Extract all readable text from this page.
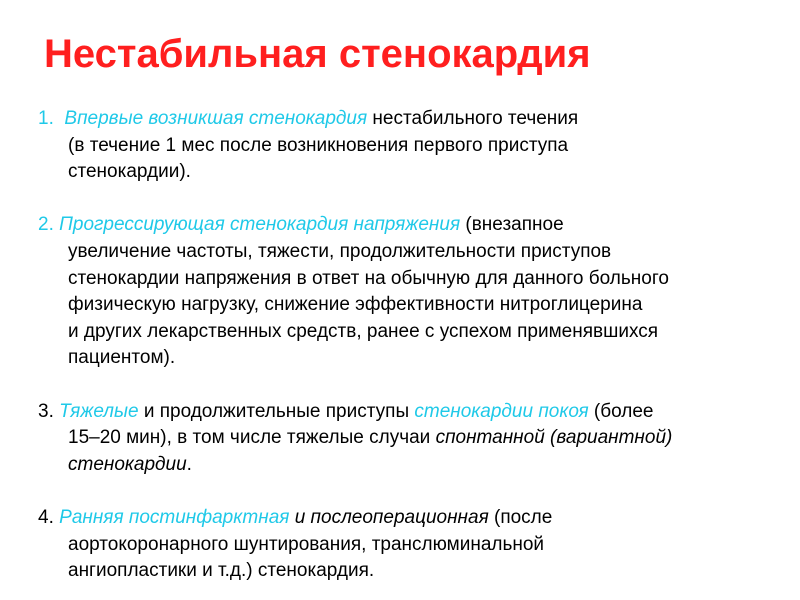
Нестабильная стенокардия

1. Впервые возникшая стенокардия нестабильного течения
(в течение 1 мес после возникновения первого приступа
стенокардии).

2. Прогрессирующая стенокардия напряжения (внезапное
увеличение частоты, тяжести, продолжительности приступов
стенокардии напряжения в ответ на обычную для данного больного
физическую нагрузку, снижение эффективности нитроглицерина
и других лекарственных средств, ранее с успехом применявшихся
пациентом).

3. Тяжелые и продолжительные приступы стенокардии покоя (более
15–20 мин), в том числе тяжелые случаи спонтанной (вариантной)
стенокардии.

4. Ранняя постинфарктная и послеоперационная (после
аортокоронарного шунтирования, транслюминальной
ангиопластики и т.д.) стенокардия.
